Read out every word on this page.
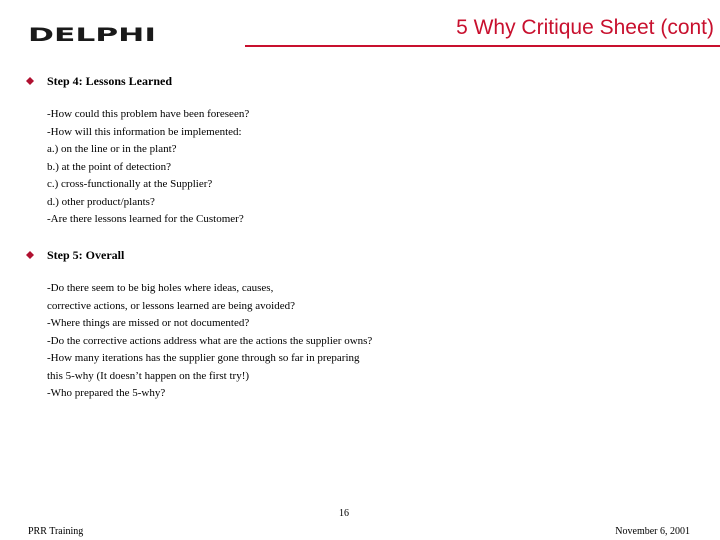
DELPHI	5 Why Critique Sheet (cont)
Step 4: Lessons Learned
-How could this problem have been foreseen?
-How will this information be implemented:
a.) on the line or in the plant?
b.) at the point of detection?
c.) cross-functionally at the Supplier?
d.) other product/plants?
-Are there lessons learned for the Customer?
Step 5: Overall
-Do there seem to be big holes where ideas, causes,
corrective actions, or lessons learned are being avoided?
-Where things are missed or not documented?
-Do the corrective actions address what are the actions the supplier owns?
-How many iterations has the supplier gone through so far in preparing
this 5-why (It doesn’t happen on the first try!)
-Who prepared the 5-why?
16
PRR Training	November 6, 2001
